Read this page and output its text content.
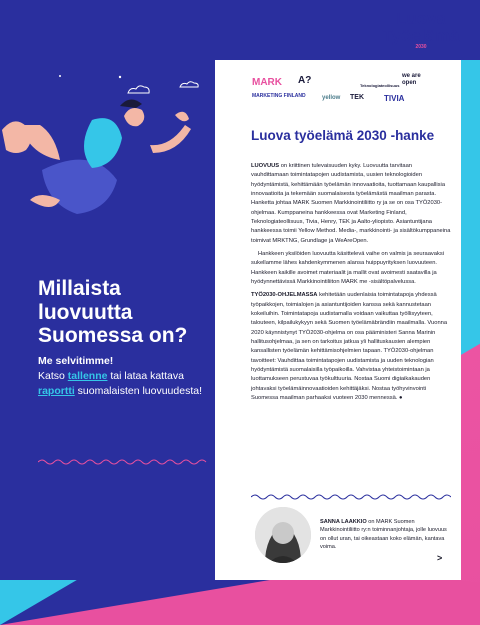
Luova
Työelämä
2030
Millaista luovuutta Suomessa on?
Me selvitimme!
Katso tallenne tai lataa kattava raportti suomalaisten luovuudesta!
MARK
MARKETING FINLAND
A?	Teknologiateollisuus
we are open
yellow TEK	TIVIA
Luova työelämä 2030 -hanke

LUOVUUS on kriittinen tulevaisuuden kyky. Luovuutta tarvitaan vauhdittamaan toimintatapojen uudistamista, uusien teknologioiden hyödyntämistä, kehittämään työelämän innovaatioita, tuottamaan kaupallisia innovaatioita ja tekemään suomalaisesta työelämästä maailman parasta. Hanketta johtaa MARK Suomen Markkinointiliitto ry ja se on osa TYÖ2030-ohjelmaa. Kumppaneina hankkeessa ovat Marketing Finland, Teknologiateollisuus, Tivia, Henry, TEK ja Aalto-yliopisto. Asiantuntijana hankkeessa toimii Yellow Method. Media-, markkinointi- ja sisältökumppaneina toimivat MRKTNG, Grundlage ja WeAreOpen.

Hankkeen yksilöiden luovuutta käsittelevä vaihe on valmis ja seuraavaksi sukellamme lähes kahdenkymmenen alansa huippuyrityksen luovuuteen. Hankkeen kaikille avoimet materiaalit ja mallit ovat avoimesti saatavilla ja hyödynnettävissä Markkinointiliiton MARK me -sisältöpalvelussa.

TYÖ2030-OHJELMASSA kehitetään uudenlaisia toimintatapoja yhdessä työpaikkojen, toimialojen ja asiantuntijoiden kanssa sekä kannustetaan kokeiluihin. Toimintatapoja uudistamalla voidaan vaikuttaa työllisyyteen, talouteen, kilpailukykyyn sekä Suomen työelämäbrändiin maailmalla. Vuonna 2020 käynnistynyt TYÖ2030-ohjelma on osa pääministeri Sanna Marinin hallitusohjelmaa, ja sen on tarkoitus jatkua yli hallituskausien alempien kansallisten työelämän kehittämisohjelmien tapaan. TYÖ2030-ohjelman tavoitteet: Vauhdittaa toimintatapojen uudistamista ja uuden teknologian hyödyntämistä suomalaisilla työpaikoilla. Vahvistaa yhteistoimintaan ja luottamukseen perustuvaa työkulttuuria. Nostaa Suomi digiaikakauden johtavaksi työelämäinnovaatioiden kehittäjäksi. Nostaa työhyvinvointi Suomessa maailman parhaaksi vuoteen 2030 mennessä. ●

SANNA LAAKKIO on MARK Suomen Markkinointiliitto ry:n toiminnanjohtaja, jolle luovuus on ollut uran, tai oikeastaan koko elämän, kantava voima.
>
